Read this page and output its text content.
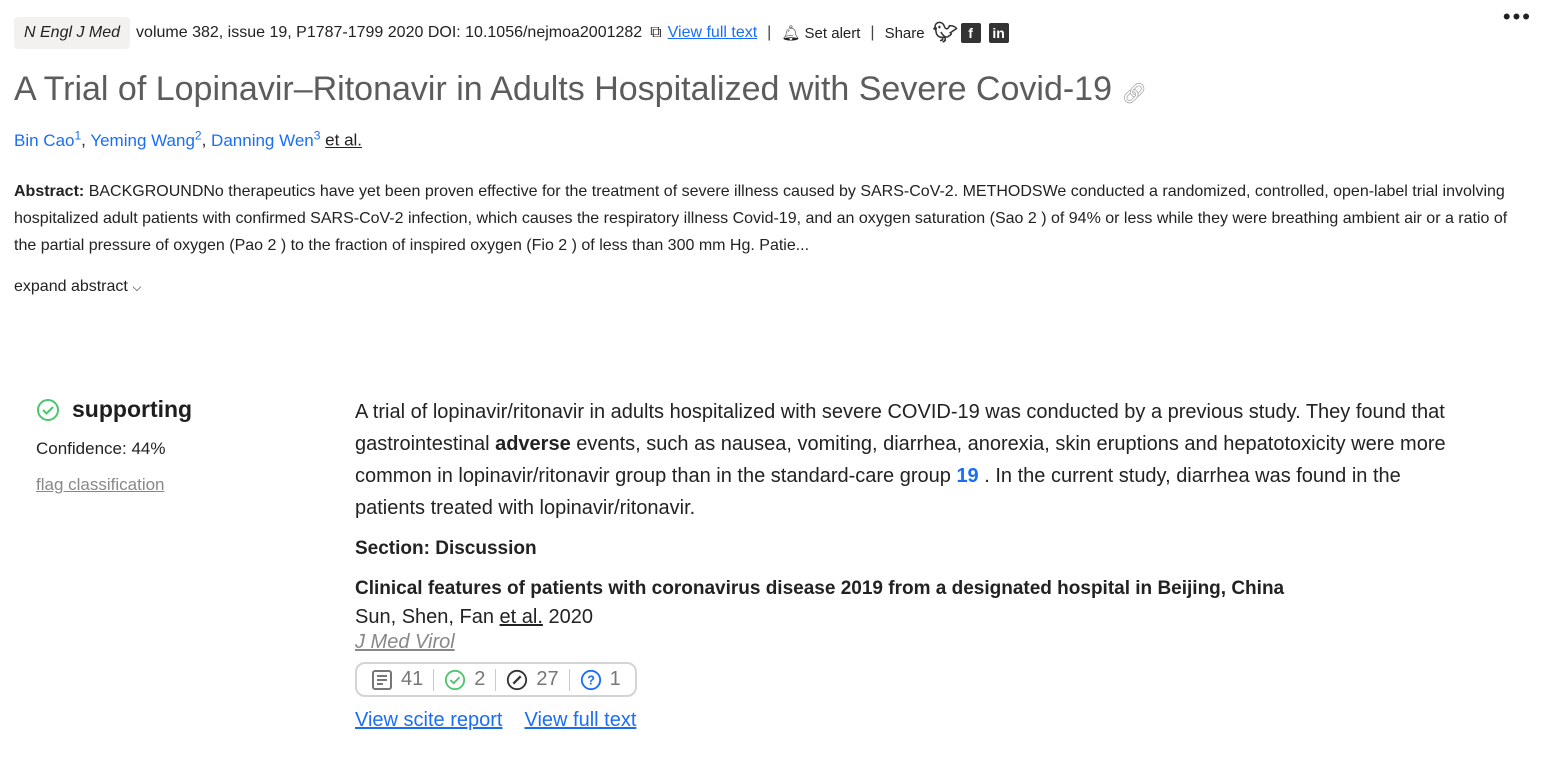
N Engl J Med	volume 382, issue 19, P1787-1799 2020 DOI: 10.1056/nejmoa2001282 ⧉ View full text | 🔔︎ Set alert | Share 🐦︎ f	in
•••
A Trial of Lopinavir–Ritonavir in Adults Hospitalized with Severe Covid-19 🔗︎
Bin Cao$^1$, Yeming Wang$^2$, Danning Wen$^3$ et al.
Abstract: BACKGROUNDNo therapeutics have yet been proven effective for the treatment of severe illness caused by SARS-CoV-2. METHODSWe conducted a randomized, controlled, open-label trial involving hospitalized adult patients with confirmed SARS-CoV-2 infection, which causes the respiratory illness Covid-19, and an oxygen saturation (Sao 2 ) of 94% or less while they were breathing ambient air or a ratio of the partial pressure of oxygen (Pao 2 ) to the fraction of inspired oxygen (Fio 2 ) of less than 300 mm Hg. Patie...
expand abstract ⌵
supporting
Confidence: 44%
flag classification

A trial of lopinavir/ritonavir in adults hospitalized with severe COVID-19 was conducted by a previous study. They found that gastrointestinal adverse events, such as nausea, vomiting, diarrhea, anorexia, skin eruptions and hepatotoxicity were more common in lopinavir/ritonavir group than in the standard-care group 19 . In the current study, diarrhea was found in the patients treated with lopinavir/ritonavir.

Section: Discussion
Clinical features of patients with coronavirus disease 2019 from a designated hospital in Beijing, China
Sun, Shen, Fan et al. 2020
J Med Virol
41	2	27 ? 1
View scite report View full text
